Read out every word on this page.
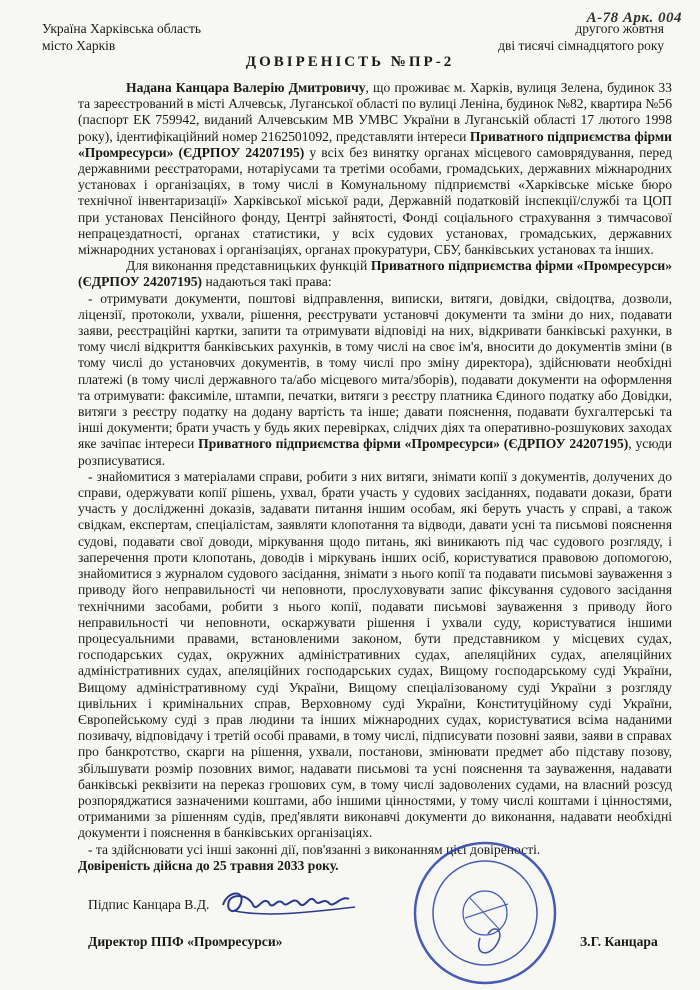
Україна Харківська область
місто Харків
А-78 Арк. 004
другого жовтня
дві тисячі сімнадцятого року
ДОВІРЕНІСТЬ №ПР-2

Надана Канцара Валерію Дмитровичу, що проживає м. Харків, вулиця Зелена, будинок 33 та зареєстрований в місті Алчевськ, Луганської області по вулиці Леніна, будинок №82, квартира №56 (паспорт ЕК 759942, виданий Алчевським МВ УМВС України в Луганській області 17 лютого 1998 року), ідентифікаційний номер 2162501092, представляти інтереси Приватного підприємства фірми «Промресурси» (ЄДРПОУ 24207195) у всіх без винятку органах місцевого самоврядування, перед державними реєстраторами, нотаріусами та третіми особами, громадських, державних міжнародних установах і організаціях, в тому числі в Комунальному підприємстві «Харківське міське бюро технічної інвентаризації» Харківської міської ради, Державній податковій інспекції/службі та ЦОП при установах Пенсійного фонду, Центрі зайнятості, Фонді соціального страхування з тимчасової непрацездатності, органах статистики, у всіх судових установах, громадських, державних міжнародних установах і організаціях, органах прокуратури, СБУ, банківських установах та інших.

Для виконання представницьких функцій Приватного підприємства фірми «Промресурси» (ЄДРПОУ 24207195) надаються такі права:

- отримувати документи, поштові відправлення, виписки, витяги, довідки, свідоцтва, дозволи, ліцензії, протоколи, ухвали, рішення, реєструвати установчі документи та зміни до них, подавати заяви, реєстраційні картки, запити та отримувати відповіді на них, відкривати банківські рахунки, в тому числі відкриття банківських рахунків, в тому числі на своє ім'я, вносити до документів зміни (в тому числі до установчих документів, в тому числі про зміну директора), здійснювати необхідні платежі (в тому числі державного та/або місцевого мита/зборів), подавати документи на оформлення та отримувати: факсиміле, штампи, печатки, витяги з реєстру платника Єдиного податку або Довідки, витяги з реєстру податку на додану вартість та інше; давати пояснення, подавати бухгалтерські та інші документи; брати участь у будь яких перевірках, слідчих діях та оперативно-розшукових заходах яке зачіпає інтереси Приватного підприємства фірми «Промресурси» (ЄДРПОУ 24207195), усюди розписуватися.

- знайомитися з матеріалами справи, робити з них витяги, знімати копії з документів, долучених до справи, одержувати копії рішень, ухвал, брати участь у судових засіданнях, подавати докази, брати участь у дослідженні доказів, задавати питання іншим особам, які беруть участь у справі, а також свідкам, експертам, спеціалістам, заявляти клопотання та відводи, давати усні та письмові пояснення судові, подавати свої доводи, міркування щодо питань, які виникають під час судового розгляду, і заперечення проти клопотань, доводів і міркувань інших осіб, користуватися правовою допомогою, знайомитися з журналом судового засідання, знімати з нього копії та подавати письмові зауваження з приводу його неправильності чи неповноти, прослуховувати запис фіксування судового засідання технічними засобами, робити з нього копії, подавати письмові зауваження з приводу його неправильності чи неповноти, оскаржувати рішення і ухвали суду, користуватися іншими процесуальними правами, встановленими законом, бути представником у місцевих судах, господарських судах, окружних адміністративних судах, апеляційних судах, апеляційних адміністративних судах, апеляційних господарських судах, Вищому господарському суді України, Вищому адміністративному суді України, Вищому спеціалізованому суді України з розгляду цивільних і кримінальних справ, Верховному суді України, Конституційному суді України, Європейському суді з прав людини та інших міжнародних судах, користуватися всіма наданими позивачу, відповідачу і третій особі правами, в тому числі, підписувати позовні заяви, заяви в справах про банкротство, скарги на рішення, ухвали, постанови, змінювати предмет або підставу позову, збільшувати розмір позовних вимог, надавати письмові та усні пояснення та зауваження, надавати банківські реквізити на переказ грошових сум, в тому числі задоволених судами, на власний розсуд розпоряджатися зазначеними коштами, або іншими цінностями, у тому числі коштами і цінностями, отриманими за рішенням судів, пред'являти виконавчі документи до виконання, надавати необхідні документи і пояснення в банківських організаціях.

- та здійснювати усі інші законні дії, пов'язанні з виконанням цієї довіреності.

Довіреність дійсна до 25 травня 2033 року.

Підпис Канцара В.Д.
Директор ППФ «Промресурси»	З.Г. Канцара
